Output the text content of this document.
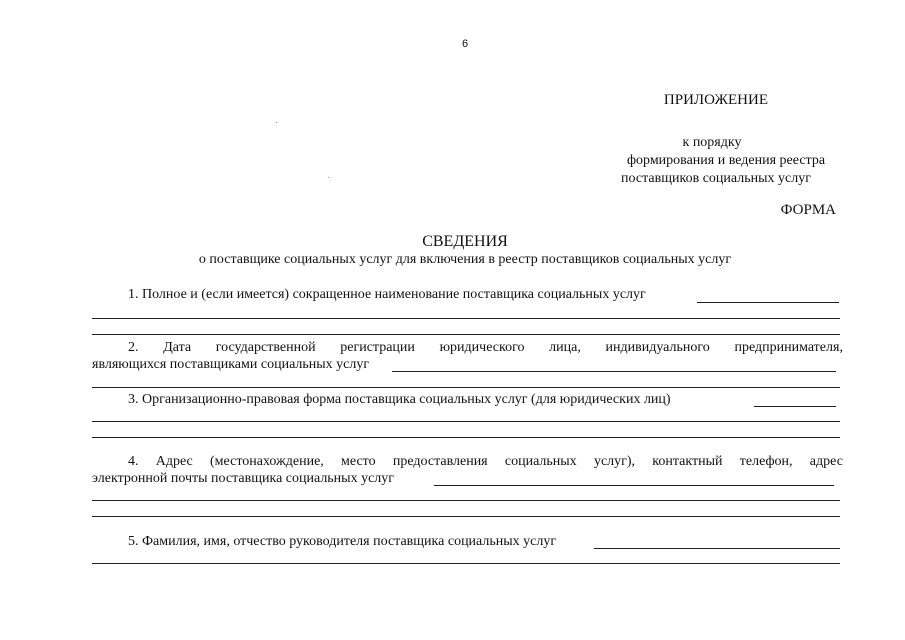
6
ПРИЛОЖЕНИЕ
к порядку
формирования и ведения реестра
поставщиков социальных услуг
ФОРМА
СВЕДЕНИЯ
о поставщике социальных услуг для включения в реестр поставщиков социальных услуг
1. Полное и (если имеется) сокращенное наименование поставщика социальных услуг
2. Дата государственной регистрации юридического лица, индивидуального предпринимателя,
являющихся поставщиками социальных услуг
3. Организационно-правовая форма поставщика социальных услуг (для юридических лиц)
4. Адрес (местонахождение, место предоставления социальных услуг), контактный телефон, адрес
электронной почты поставщика социальных услуг
5. Фамилия, имя, отчество руководителя поставщика социальных услуг
